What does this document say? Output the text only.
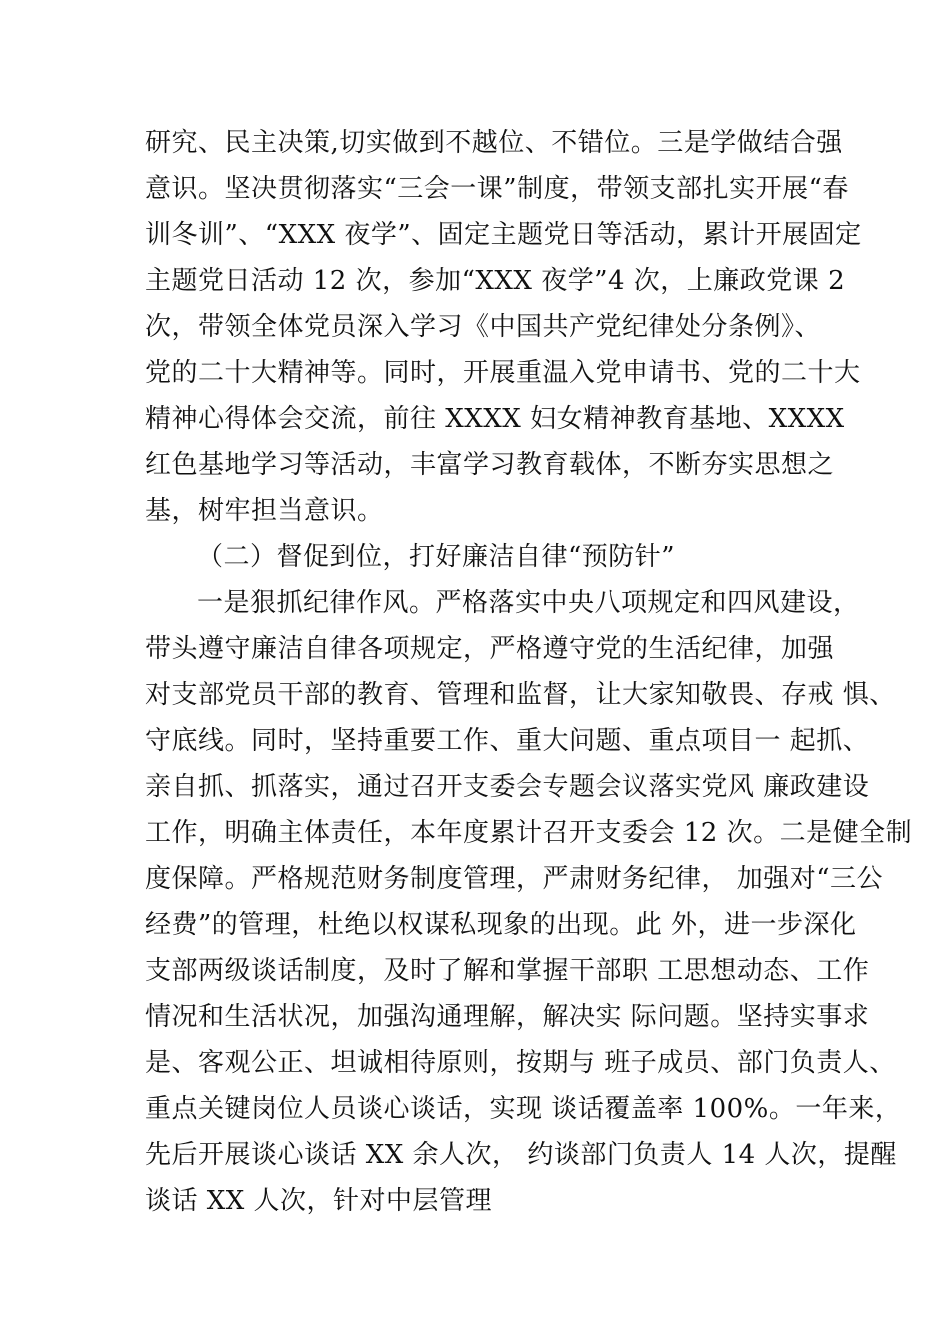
研究、民主决策,切实做到不越位、不错位。三是学做结合强
意识。坚决贯彻落实“三会一课”制度，带领支部扎实开展“春
训冬训”、“XXX 夜学”、固定主题党日等活动，累计开展固定
主题党日活动 12 次，参加“XXX 夜学”4 次，上廉政党课 2
次，带领全体党员深入学习《中国共产党纪律处分条例》、
党的二十大精神等。同时，开展重温入党申请书、党的二十大
精神心得体会交流，前往 XXXX 妇女精神教育基地、XXXX
红色基地学习等活动，丰富学习教育载体，不断夯实思想之
基，树牢担当意识。
（二）督促到位，打好廉洁自律“预防针”
一是狠抓纪律作风。严格落实中央八项规定和四风建设，
带头遵守廉洁自律各项规定，严格遵守党的生活纪律，加强
对支部党员干部的教育、管理和监督，让大家知敬畏、存戒 惧、
守底线。同时，坚持重要工作、重大问题、重点项目一 起抓、
亲自抓、抓落实，通过召开支委会专题会议落实党风 廉政建设
工作，明确主体责任，本年度累计召开支委会 12 次。二是健全制
度保障。严格规范财务制度管理，严肃财务纪律， 加强对“三公
经费”的管理，杜绝以权谋私现象的出现。此 外，进一步深化
支部两级谈话制度，及时了解和掌握干部职 工思想动态、工作
情况和生活状况，加强沟通理解，解决实 际问题。坚持实事求
是、客观公正、坦诚相待原则，按期与 班子成员、部门负责人、
重点关键岗位人员谈心谈话，实现 谈话覆盖率 100%。一年来，
先后开展谈心谈话 XX 余人次， 约谈部门负责人 14 人次，提醒
谈话 XX 人次，针对中层管理
